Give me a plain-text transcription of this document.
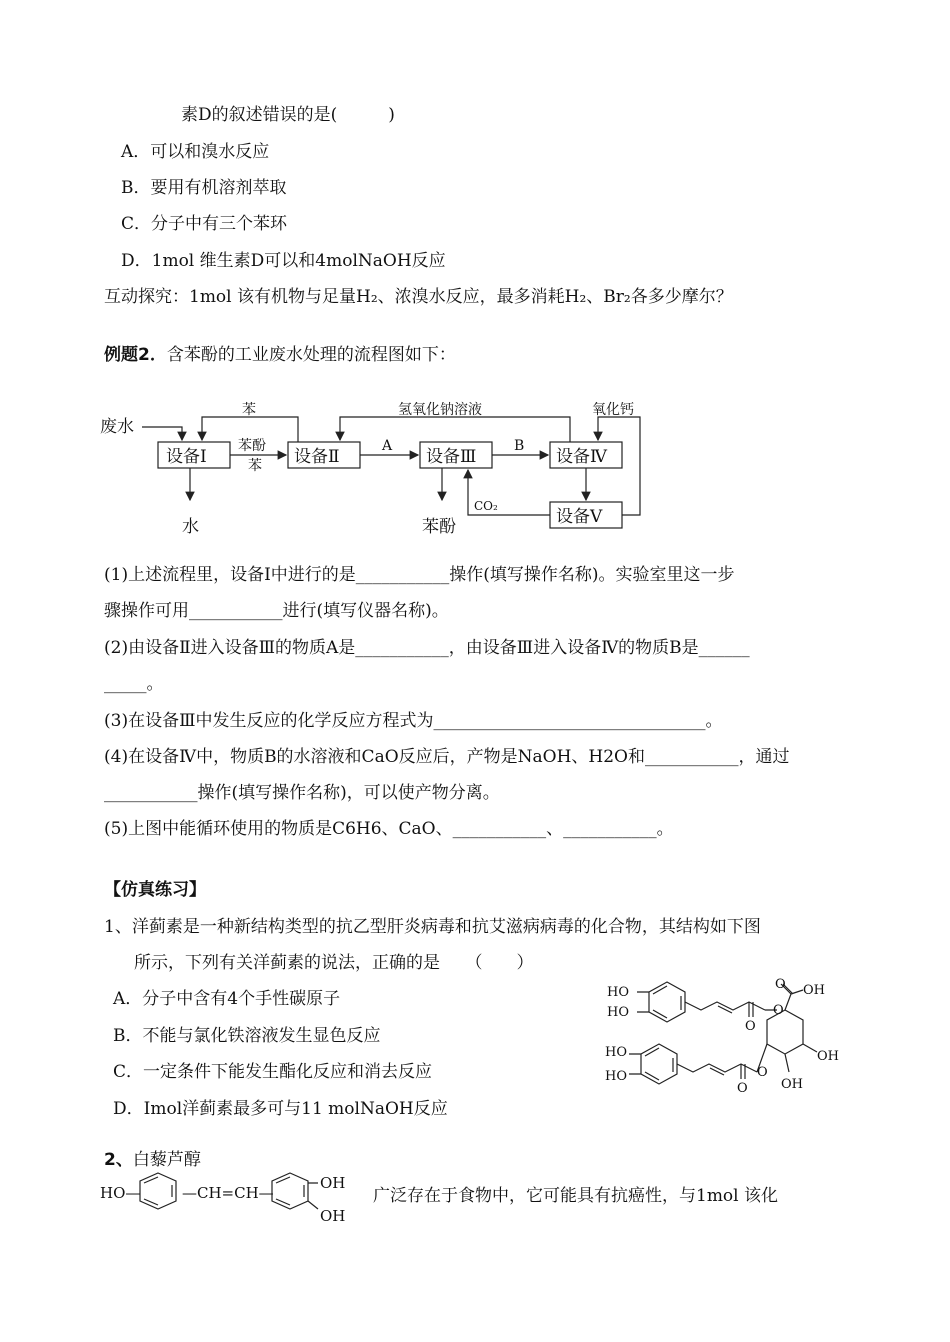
素D的叙述错误的是(　　　)
A．可以和溴水反应
B．要用有机溶剂萃取
C．分子中有三个苯环
D．1mol 维生素D可以和4molNaOH反应
互动探究：1mol 该有机物与足量H₂、浓溴水反应，最多消耗H₂、Br₂各多少摩尔？
例题2．含苯酚的工业废水处理的流程图如下：
废水
设备Ⅰ	设备Ⅱ	设备Ⅲ	设备Ⅳ
设备Ⅴ
水	苯酚
苯	氢氧化钠溶液	氧化钙
苯酚
苯
A	B
CO₂
(1)上述流程里，设备Ⅰ中进行的是___________操作(填写操作名称)。实验室里这一步
骤操作可用___________进行(填写仪器名称)。
(2)由设备Ⅱ进入设备Ⅲ的物质A是___________，由设备Ⅲ进入设备Ⅳ的物质B是______
_____。
(3)在设备Ⅲ中发生反应的化学反应方程式为________________________________。
(4)在设备Ⅳ中，物质B的水溶液和CaO反应后，产物是NaOH、H2O和___________，通过
___________操作(填写操作名称)，可以使产物分离。
(5)上图中能循环使用的物质是C6H6、CaO、___________、___________。
【仿真练习】
1、洋蓟素是一种新结构类型的抗乙型肝炎病毒和抗艾滋病病毒的化合物，其结构如下图
所示，下列有关洋蓟素的说法，正确的是　　（　　）
A．分子中含有4个手性碳原子
B．不能与氯化铁溶液发生显色反应
C．一定条件下能发生酯化反应和消去反应
D．Imol洋蓟素最多可与11 molNaOH反应
HO
HO
HO
HO
O
O
O
O
O OH
OH
OH
2、白藜芦醇
HO—	—CH=CH—
OH
OH
广泛存在于食物中，它可能具有抗癌性，与1mol 该化
